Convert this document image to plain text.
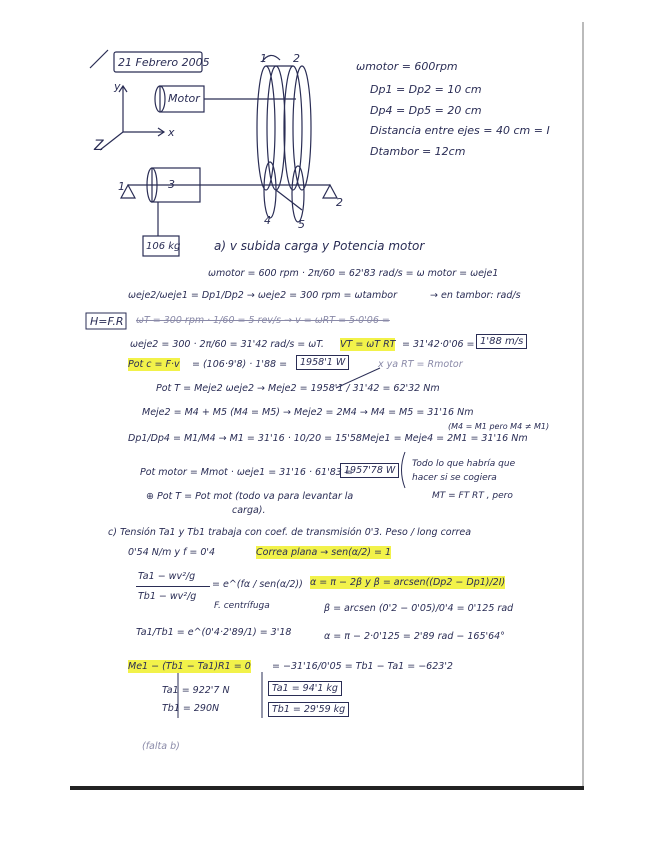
21 Febrero 2005
y
x
Z
Motor
3
106 kg
1 2
4 5
1
2
ωmotor = 600rpm
Dp1 = Dp2 = 10 cm
Dp4 = Dp5 = 20 cm
Distancia entre ejes = 40 cm = I
Dtambor = 12cm
a) v subida carga y Potencia motor
ωmotor = 600 rpm · 2π/60 = 62'83 rad/s = ω motor = ωeje1
ωeje2/ωeje1 = Dp1/Dp2 → ωeje2 = 300 rpm = ωtambor	→ en tambor: rad/s
H=F.R ωT = 300 rpm · 1/60 = 5 rev/s → v = ωRT = 5·0'06 =
ωeje2 = 300 · 2π/60 = 31'42 rad/s = ωT. VT = ωT RT = 31'42·0'06 = 1'88 m/s
Pot c = F·v = (106·9'8) · 1'88 =	1958'1 W	x ya RT = Rmotor
Pot T = Meje2 ωeje2 → Meje2 = 1958'1 / 31'42 = 62'32 Nm
Meje2 = M4 + M5 (M4 = M5) → Meje2 = 2M4 → M4 = M5 = 31'16 Nm
(M4 = M1 pero M4 ≠ M1)
Dp1/Dp4 = M1/M4 → M1 = 31'16 · 10/20 = 15'58 Meje1 = Meje4 = 2M1 = 31'16 Nm
Pot motor = Mmot · ωeje1 = 31'16 · 61'83 =
1957'78 W
Todo lo que habría que
hacer si se cogiera
MT = FT RT , pero
⊕ Pot T = Pot mot (todo va para levantar la
carga).
c) Tensión Ta1 y Tb1 trabaja con coef. de transmisión 0'3. Peso / long correa
0'54 N/m y f = 0'4	Correa plana → sen(α/2) = 1
Ta1 − wv²/g
Tb1 − wv²/g
= e^(fα / sen(α/2))
F. centrífuga
α = π − 2β y β = arcsen((Dp2 − Dp1)/2I)
β = arcsen (0'2 − 0'05)/0'4 = 0'125 rad
Ta1/Tb1 = e^(0'4·2'89/1) = 3'18	α = π − 2·0'125 = 2'89 rad − 165'64°
Me1 − (Tb1 − Ta1)R1 = 0 = −31'16/0'05 = Tb1 − Ta1 = −623'2
Ta1 = 922'7 N	Ta1 = 94'1 kg
Tb1 = 290N	Tb1 = 29'59 kg
(falta b)
